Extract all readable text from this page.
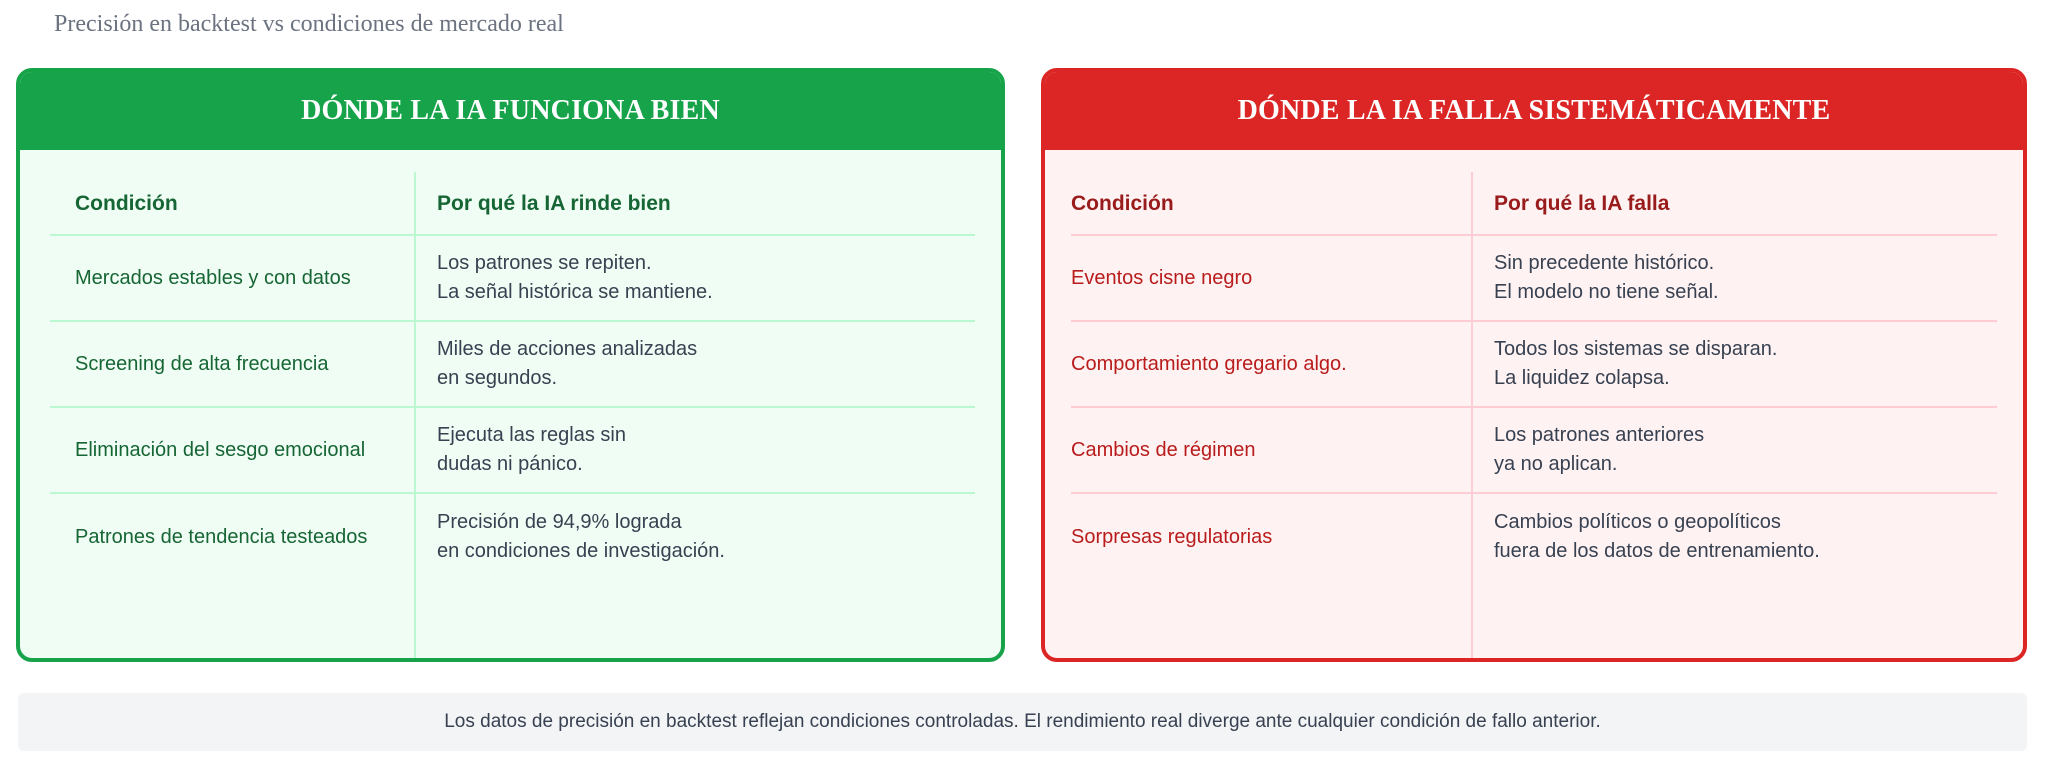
Precisión en backtest vs condiciones de mercado real
DÓNDE LA IA FUNCIONA BIEN
Condición	Por qué la IA rinde bien
Mercados estables y con datos
Los patrones se repiten.
La señal histórica se mantiene.
Screening de alta frecuencia
Miles de acciones analizadas
en segundos.
Eliminación del sesgo emocional
Ejecuta las reglas sin
dudas ni pánico.
Patrones de tendencia testeados
Precisión de 94,9% lograda
en condiciones de investigación.
DÓNDE LA IA FALLA SISTEMÁTICAMENTE
Condición	Por qué la IA falla
Eventos cisne negro
Sin precedente histórico.
El modelo no tiene señal.
Comportamiento gregario algo.
Todos los sistemas se disparan.
La liquidez colapsa.
Cambios de régimen
Los patrones anteriores
ya no aplican.
Sorpresas regulatorias
Cambios políticos o geopolíticos
fuera de los datos de entrenamiento.
Los datos de precisión en backtest reflejan condiciones controladas. El rendimiento real diverge ante cualquier condición de fallo anterior.
